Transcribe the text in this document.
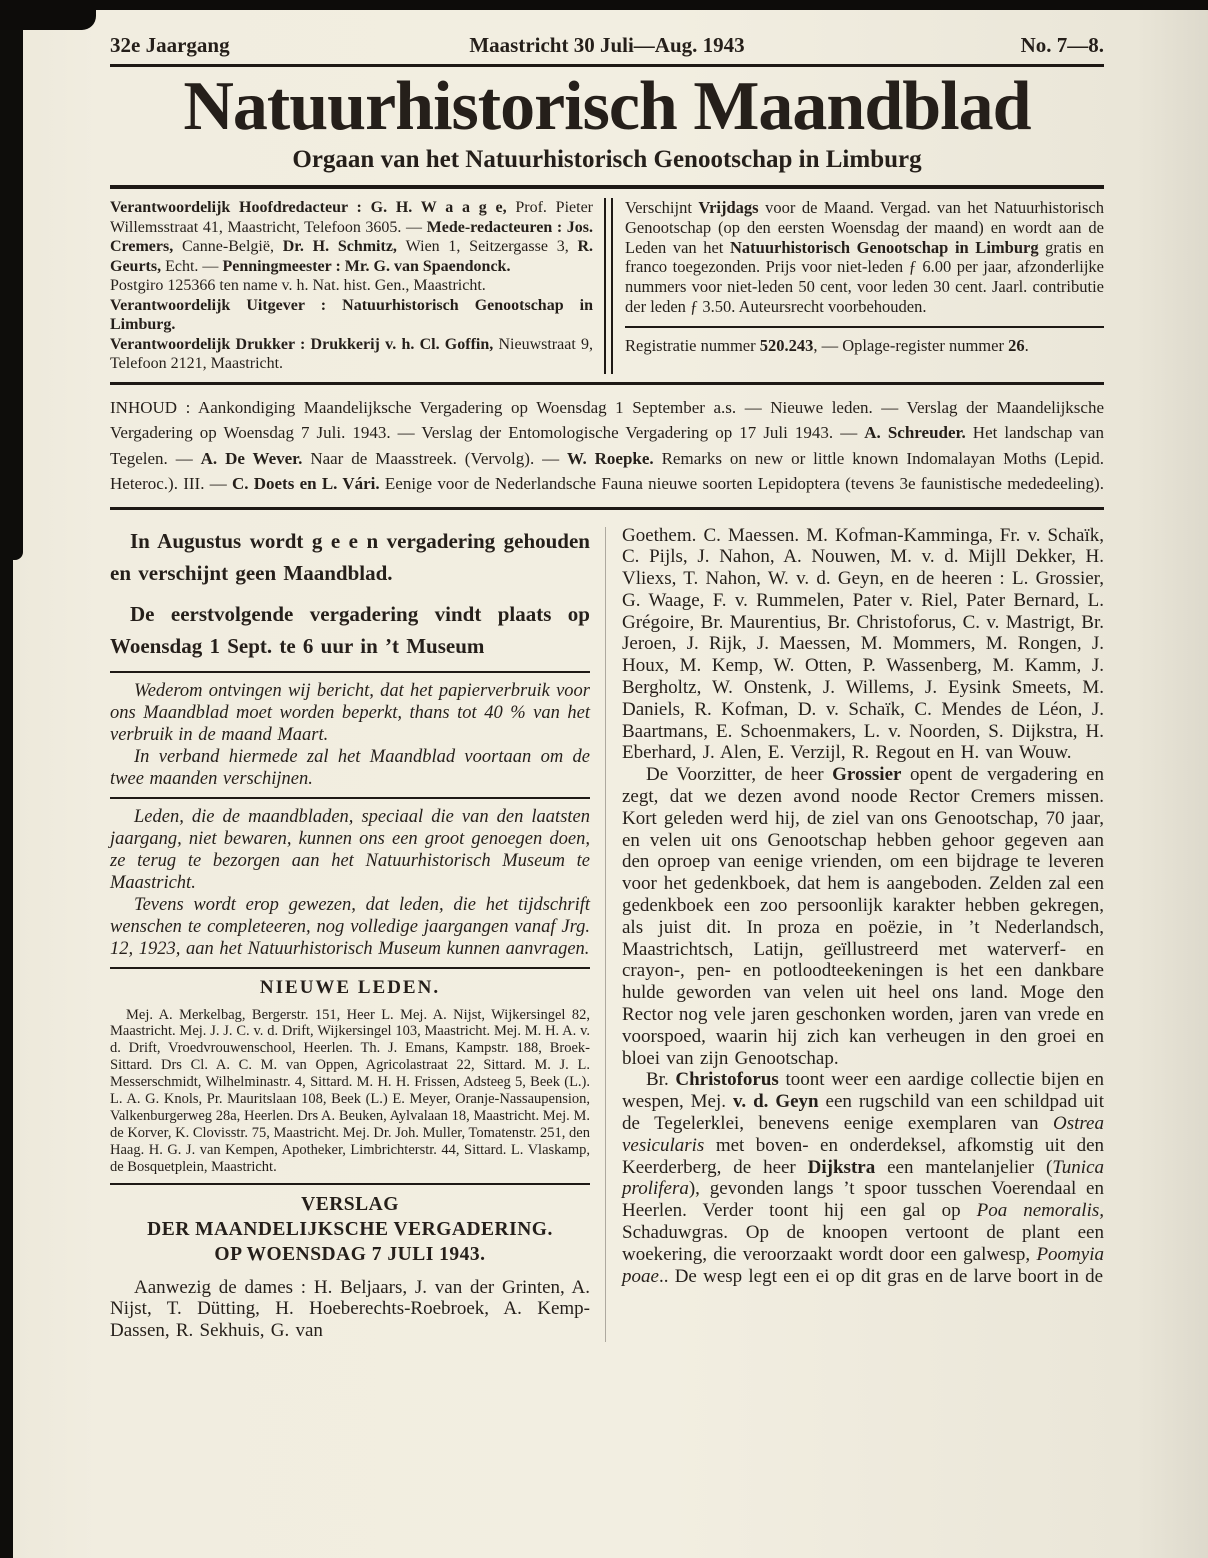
32e Jaargang	Maastricht 30 Juli—Aug. 1943	No. 7—8.
Natuurhistorisch Maandblad
Orgaan van het Natuurhistorisch Genootschap in Limburg

Verantwoordelijk Hoofdredacteur : G. H. W a a g e, Prof. Pieter Willemsstraat 41, Maastricht, Telefoon 3605. — Mede-redacteuren : Jos. Cremers, Canne-België, Dr. H. Schmitz, Wien 1, Seitzergasse 3, R. Geurts, Echt. — Penningmeester : Mr. G. van Spaendonck.

Postgiro 125366 ten name v. h. Nat. hist. Gen., Maastricht.

Verantwoordelijk Uitgever : Natuurhistorisch Genootschap in Limburg.

Verantwoordelijk Drukker : Drukkerij v. h. Cl. Goffin, Nieuwstraat 9, Telefoon 2121, Maastricht.

Verschijnt Vrijdags voor de Maand. Vergad. van het Natuurhistorisch Genootschap (op den eersten Woensdag der maand) en wordt aan de Leden van het Natuurhistorisch Genootschap in Limburg gratis en franco toegezonden. Prijs voor niet-leden ƒ 6.00 per jaar, afzonderlijke nummers voor niet-leden 50 cent, voor leden 30 cent. Jaarl. contributie der leden ƒ 3.50. Auteursrecht voorbehouden.

Registratie nummer 520.243, — Oplage-register nummer 26.

INHOUD : Aankondiging Maandelijksche Vergadering op Woensdag 1 September a.s. — Nieuwe leden. — Verslag der Maandelijksche Vergadering op Woensdag 7 Juli. 1943. — Verslag der Entomologische Vergadering op 17 Juli 1943. — A. Schreuder. Het landschap van Tegelen. — A. De Wever. Naar de Maasstreek. (Vervolg). — W. Roepke. Remarks on new or little known Indomalayan Moths (Lepid. Heteroc.). III. — C. Doets en L. Vári. Eenige voor de Nederlandsche Fauna nieuwe soorten Lepidoptera (tevens 3e faunistische mededeeling).

In Augustus wordt g e e n vergadering gehouden en verschijnt geen Maandblad.

De eerstvolgende vergadering vindt plaats op Woensdag 1 Sept. te 6 uur in ’t Museum

Wederom ontvingen wij bericht, dat het papierverbruik voor ons Maandblad moet worden beperkt, thans tot 40 % van het verbruik in de maand Maart.

In verband hiermede zal het Maandblad voortaan om de twee maanden verschijnen.

Leden, die de maandbladen, speciaal die van den laatsten jaargang, niet bewaren, kunnen ons een groot genoegen doen, ze terug te bezorgen aan het Natuurhistorisch Museum te Maastricht.

Tevens wordt erop gewezen, dat leden, die het tijdschrift wenschen te completeeren, nog volledige jaargangen vanaf Jrg. 12, 1923, aan het Natuurhistorisch Museum kunnen aanvragen.

NIEUWE LEDEN.

Mej. A. Merkelbag, Bergerstr. 151, Heer L. Mej. A. Nijst, Wijkersingel 82, Maastricht. Mej. J. J. C. v. d. Drift, Wijkersingel 103, Maastricht. Mej. M. H. A. v. d. Drift, Vroedvrouwenschool, Heerlen. Th. J. Emans, Kampstr. 188, Broek-Sittard. Drs Cl. A. C. M. van Oppen, Agricolastraat 22, Sittard. M. J. L. Messerschmidt, Wilhelminastr. 4, Sittard. M. H. H. Frissen, Adsteeg 5, Beek (L.). L. A. G. Knols, Pr. Mauritslaan 108, Beek (L.) E. Meyer, Oranje-Nassaupension, Valkenburgerweg 28a, Heerlen. Drs A. Beuken, Aylvalaan 18, Maastricht. Mej. M. de Korver, K. Clovisstr. 75, Maastricht. Mej. Dr. Joh. Muller, Tomatenstr. 251, den Haag. H. G. J. van Kempen, Apotheker, Limbrichterstr. 44, Sittard. L. Vlaskamp, de Bosquetplein, Maastricht.

VERSLAG
DER MAANDELIJKSCHE VERGADERING.
OP WOENSDAG 7 JULI 1943.

Aanwezig de dames : H. Beljaars, J. van der Grinten, A. Nijst, T. Dütting, H. Hoeberechts-Roebroek, A. Kemp-Dassen, R. Sekhuis, G. van

Goethem. C. Maessen. M. Kofman-Kamminga, Fr. v. Schaïk, C. Pijls, J. Nahon, A. Nouwen, M. v. d. Mijll Dekker, H. Vliexs, T. Nahon, W. v. d. Geyn, en de heeren : L. Grossier, G. Waage, F. v. Rummelen, Pater v. Riel, Pater Bernard, L. Grégoire, Br. Maurentius, Br. Christoforus, C. v. Mastrigt, Br. Jeroen, J. Rijk, J. Maessen, M. Mommers, M. Rongen, J. Houx, M. Kemp, W. Otten, P. Wassenberg, M. Kamm, J. Bergholtz, W. Onstenk, J. Willems, J. Eysink Smeets, M. Daniels, R. Kofman, D. v. Schaïk, C. Mendes de Léon, J. Baartmans, E. Schoenmakers, L. v. Noorden, S. Dijkstra, H. Eberhard, J. Alen, E. Verzijl, R. Regout en H. van Wouw.

De Voorzitter, de heer Grossier opent de vergadering en zegt, dat we dezen avond noode Rector Cremers missen. Kort geleden werd hij, de ziel van ons Genootschap, 70 jaar, en velen uit ons Genootschap hebben gehoor gegeven aan den oproep van eenige vrienden, om een bijdrage te leveren voor het gedenkboek, dat hem is aangeboden. Zelden zal een gedenkboek een zoo persoonlijk karakter hebben gekregen, als juist dit. In proza en poëzie, in ’t Nederlandsch, Maastrichtsch, Latijn, geïllustreerd met waterverf- en crayon-, pen- en potloodteekeningen is het een dankbare hulde geworden van velen uit heel ons land. Moge den Rector nog vele jaren geschonken worden, jaren van vrede en voorspoed, waarin hij zich kan verheugen in den groei en bloei van zijn Genootschap.

Br. Christoforus toont weer een aardige collectie bijen en wespen, Mej. v. d. Geyn een rugschild van een schildpad uit de Tegelerklei, benevens eenige exemplaren van Ostrea vesicularis met boven- en onderdeksel, afkomstig uit den Keerderberg, de heer Dijkstra een mantelanjelier (Tunica prolifera), gevonden langs ’t spoor tusschen Voerendaal en Heerlen. Verder toont hij een gal op Poa nemoralis, Schaduwgras. Op de knoopen vertoont de plant een woekering, die veroorzaakt wordt door een galwesp, Poomyia poae.. De wesp legt een ei op dit gras en de larve boort in de
